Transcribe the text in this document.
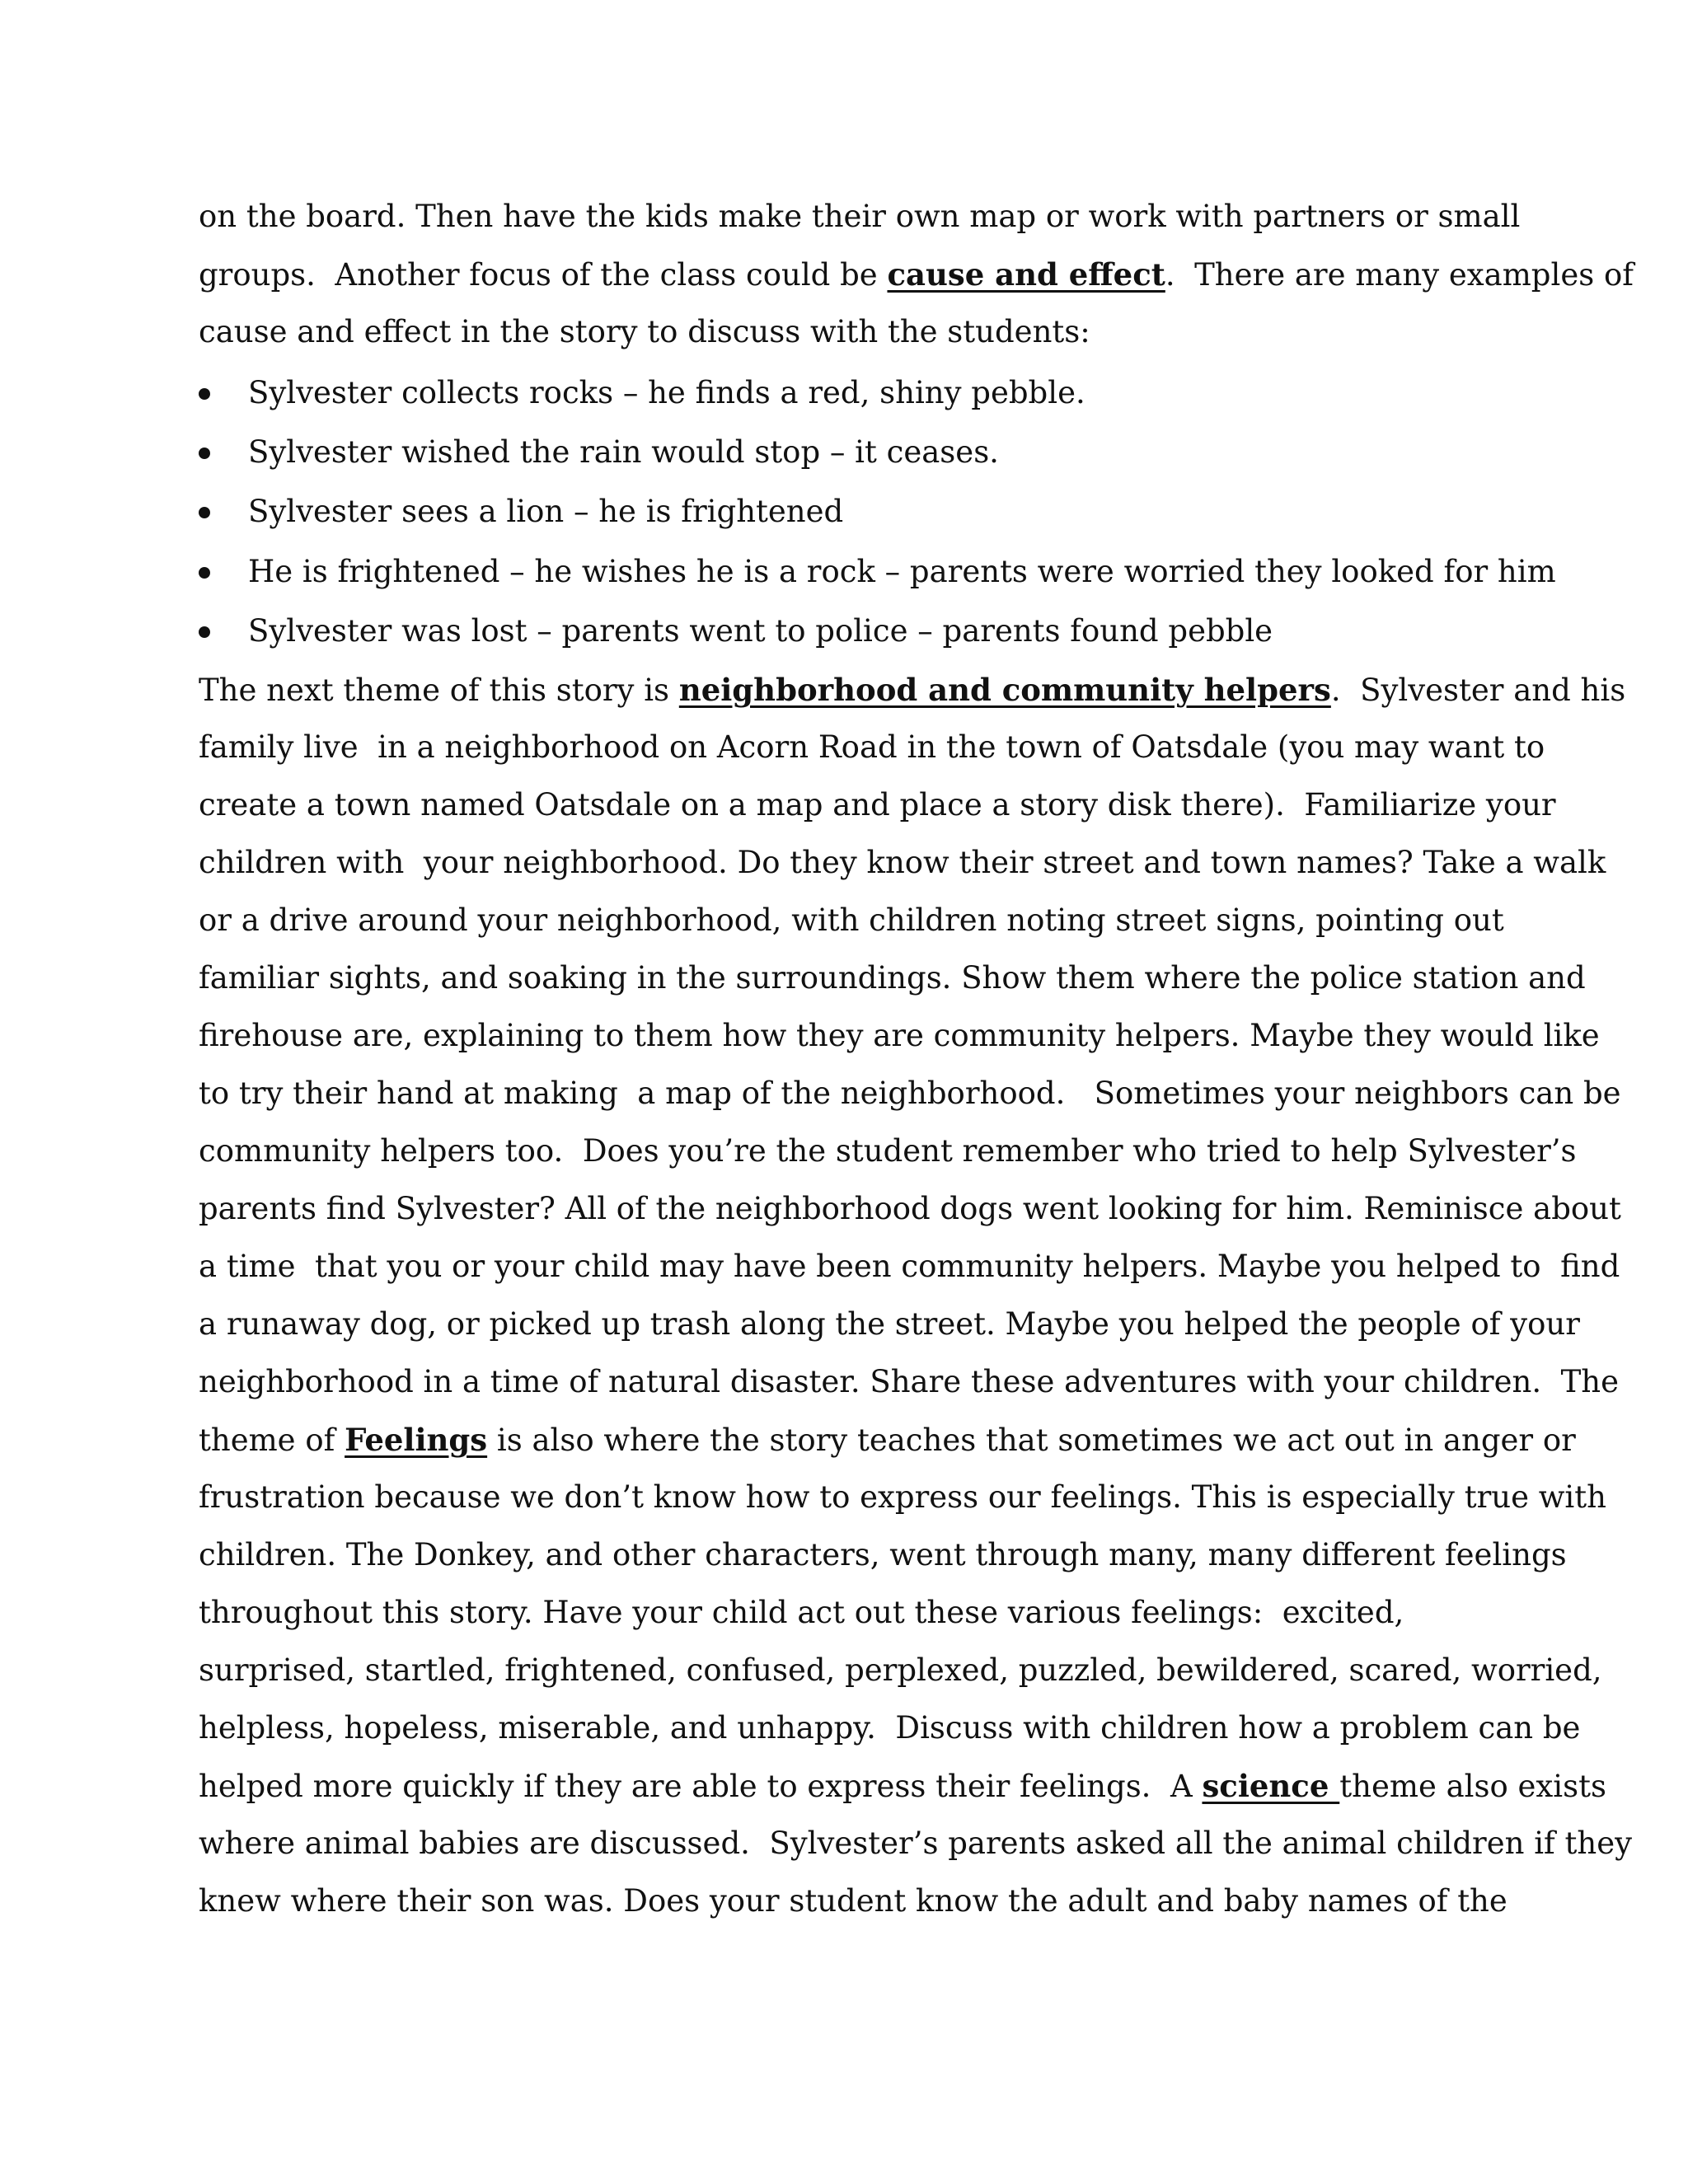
on the board. Then have the kids make their own map or work with partners or small

groups.  Another focus of the class could be cause and effect.  There are many examples of

cause and effect in the story to discuss with the students:

Sylvester collects rocks – he finds a red, shiny pebble.

Sylvester wished the rain would stop – it ceases.

Sylvester sees a lion – he is frightened

He is frightened – he wishes he is a rock – parents were worried they looked for him

Sylvester was lost – parents went to police – parents found pebble

The next theme of this story is neighborhood and community helpers.  Sylvester and his

family live  in a neighborhood on Acorn Road in the town of Oatsdale (you may want to

create a town named Oatsdale on a map and place a story disk there).  Familiarize your

children with  your neighborhood. Do they know their street and town names? Take a walk

or a drive around your neighborhood, with children noting street signs, pointing out

familiar sights, and soaking in the surroundings. Show them where the police station and

firehouse are, explaining to them how they are community helpers. Maybe they would like

to try their hand at making  a map of the neighborhood.   Sometimes your neighbors can be

community helpers too.  Does you’re the student remember who tried to help Sylvester’s

parents find Sylvester? All of the neighborhood dogs went looking for him. Reminisce about

a time  that you or your child may have been community helpers. Maybe you helped to  find

a runaway dog, or picked up trash along the street. Maybe you helped the people of your

neighborhood in a time of natural disaster. Share these adventures with your children.  The

theme of Feelings is also where the story teaches that sometimes we act out in anger or

frustration because we don’t know how to express our feelings. This is especially true with

children. The Donkey, and other characters, went through many, many different feelings

throughout this story. Have your child act out these various feelings:  excited,

surprised, startled, frightened, confused, perplexed, puzzled, bewildered, scared, worried,

helpless, hopeless, miserable, and unhappy.  Discuss with children how a problem can be

helped more quickly if they are able to express their feelings.  A science theme also exists

where animal babies are discussed.  Sylvester’s parents asked all the animal children if they

knew where their son was. Does your student know the adult and baby names of the
